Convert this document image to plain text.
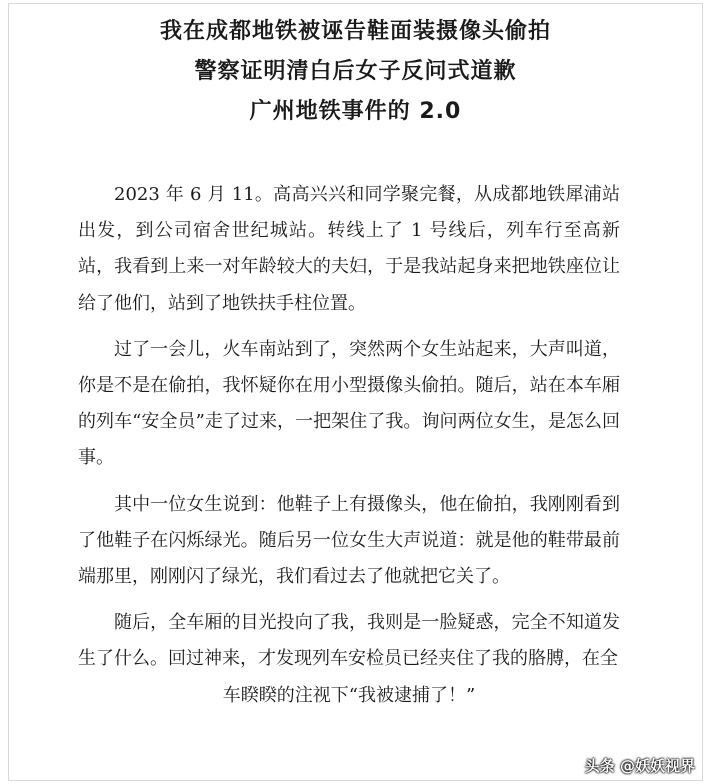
我在成都地铁被诬告鞋面装摄像头偷拍
警察证明清白后女子反问式道歉
广州地铁事件的 2.0

2023 年 6 月 11。高高兴兴和同学聚完餐，从成都地铁犀浦站出发，到公司宿舍世纪城站。转线上了 1 号线后，列车行至高新站，我看到上来一对年龄较大的夫妇，于是我站起身来把地铁座位让给了他们，站到了地铁扶手柱位置。

过了一会儿，火车南站到了，突然两个女生站起来，大声叫道，你是不是在偷拍，我怀疑你在用小型摄像头偷拍。随后，站在本车厢的列车“安全员”走了过来，一把架住了我。询问两位女生，是怎么回事。

其中一位女生说到：他鞋子上有摄像头，他在偷拍，我刚刚看到了他鞋子在闪烁绿光。随后另一位女生大声说道：就是他的鞋带最前端那里，刚刚闪了绿光，我们看过去了他就把它关了。

随后，全车厢的目光投向了我，我则是一脸疑惑，完全不知道发生了什么。回过神来，才发现列车安检员已经夹住了我的胳膊，在全

车睽睽的注视下“我被逮捕了！”
头条 @妖妖视界
